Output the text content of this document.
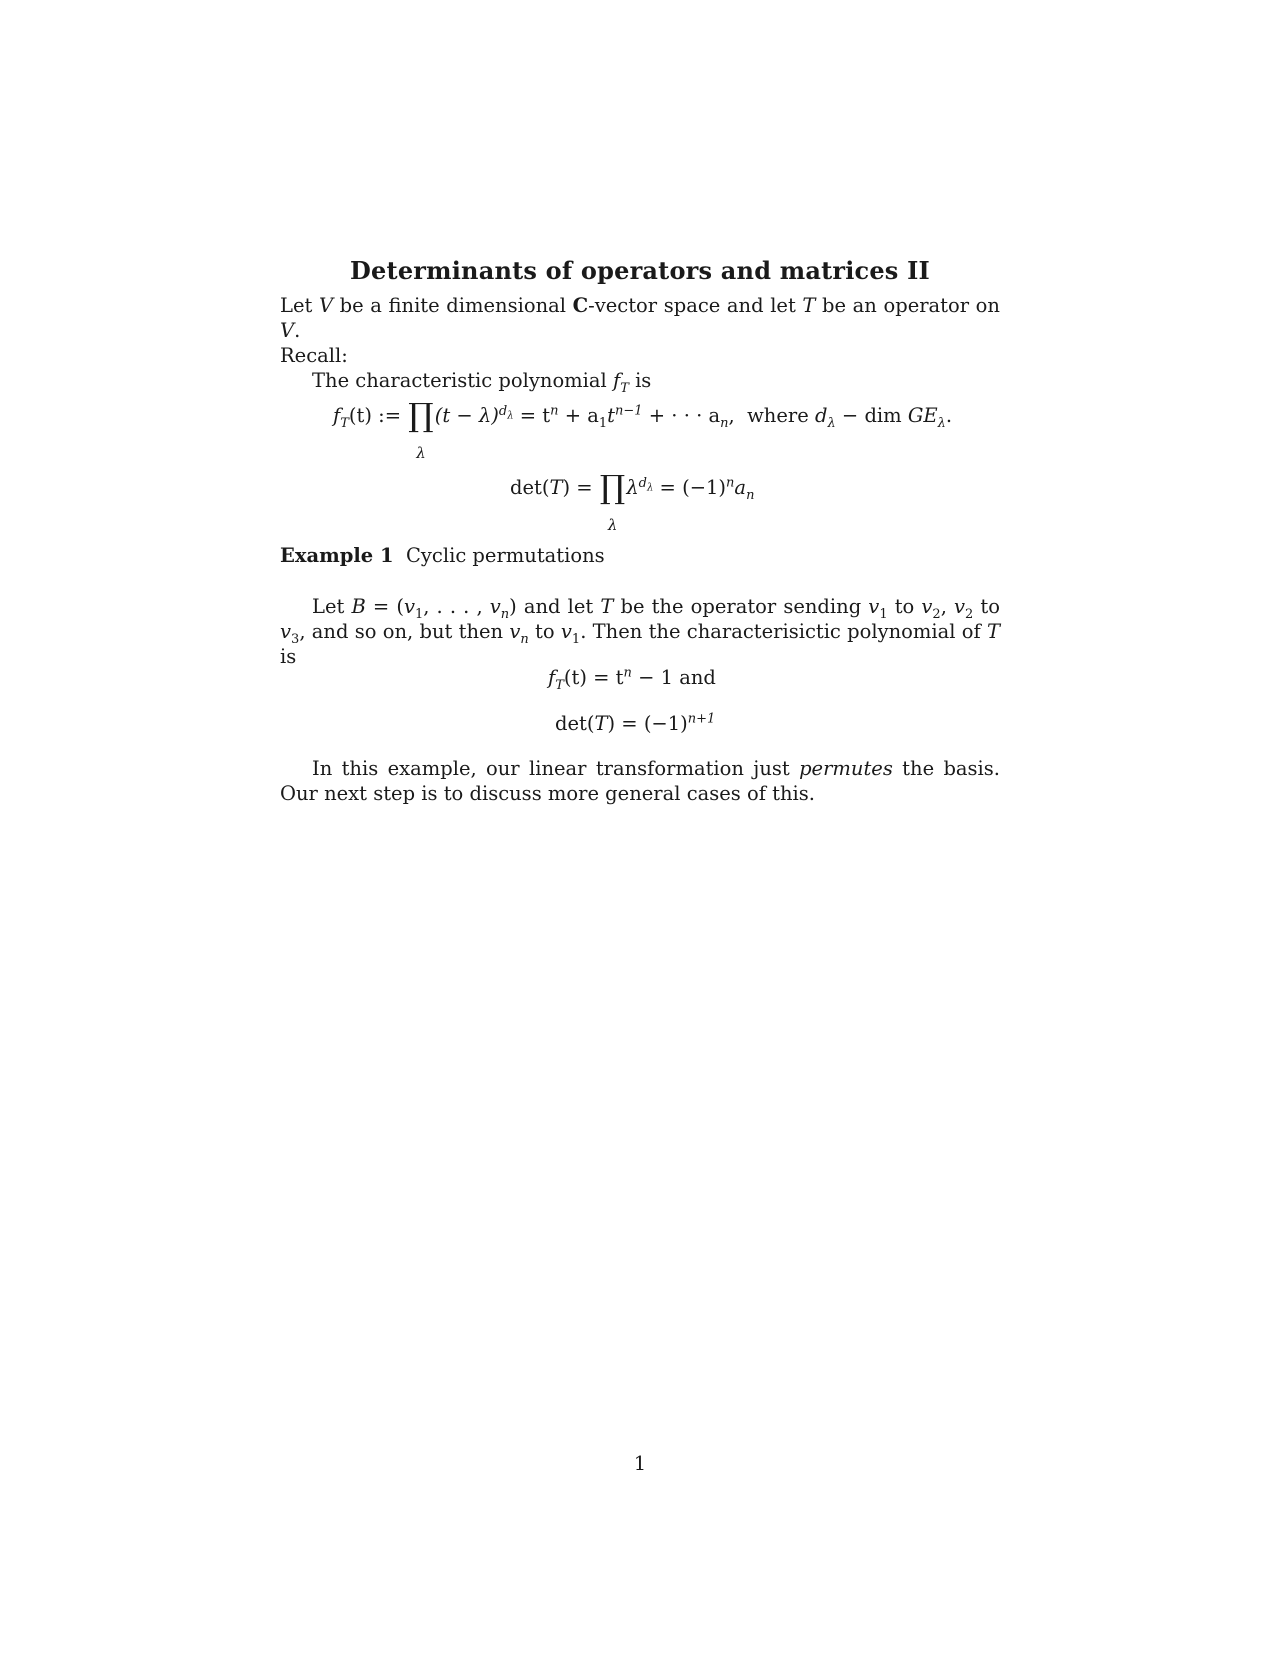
Determinants of operators and matrices II
Let V be a finite dimensional C-vector space and let T be an operator on V.
Recall:
The characteristic polynomial $f_T$ is
$f_T(t)$ := ∏
λ
$(t - \lambda)^{d_\lambda} = t^n + a_1t^{n-1}$ + · · · $a_n$, where $d_\lambda$ − dim $GE_\lambda$.
det(T) = ∏
λ
$\lambda^{d_\lambda} = (-1)^na_n$
Example 1 Cyclic permutations
Let $B = (v_1$, . . . , $v_n$) and let T be the operator sending $v_1$ to $v_2$, $v_2$ to $v_3$, and so on, but then $v_n$ to $v_1$. Then the characterisictic polynomial of T is
$f_T(t) = t^n - 1$ and
$\det(T) = (-1)^{n+1}$
In this example, our linear transformation just permutes the basis. Our next step is to discuss more general cases of this.
1
